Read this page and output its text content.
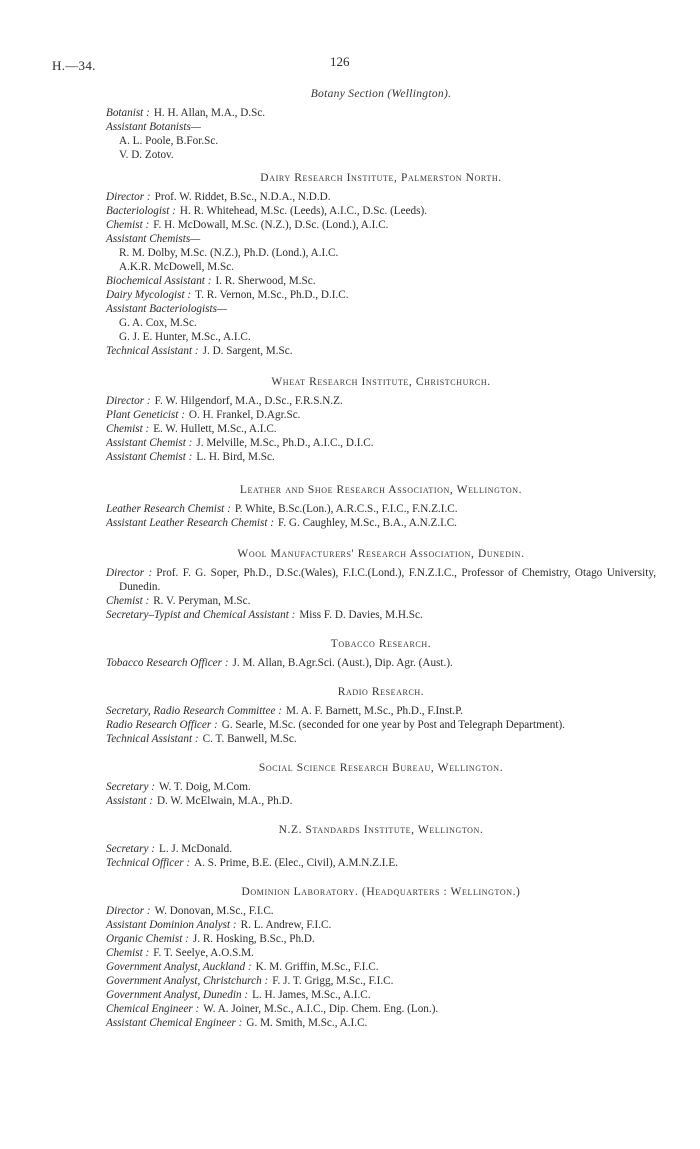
H.—34.	126
Botany Section (Wellington).
Botanist : H. H. Allan, M.A., D.Sc.
Assistant Botanists—
A. L. Poole, B.For.Sc.
V. D. Zotov.
Dairy Research Institute, Palmerston North.
Director : Prof. W. Riddet, B.Sc., N.D.A., N.D.D.
Bacteriologist : H. R. Whitehead, M.Sc. (Leeds), A.I.C., D.Sc. (Leeds).
Chemist : F. H. McDowall, M.Sc. (N.Z.), D.Sc. (Lond.), A.I.C.
Assistant Chemists—
R. M. Dolby, M.Sc. (N.Z.), Ph.D. (Lond.), A.I.C.
A.K.R. McDowell, M.Sc.
Biochemical Assistant : I. R. Sherwood, M.Sc.
Dairy Mycologist : T. R. Vernon, M.Sc., Ph.D., D.I.C.
Assistant Bacteriologists—
G. A. Cox, M.Sc.
G. J. E. Hunter, M.Sc., A.I.C.
Technical Assistant : J. D. Sargent, M.Sc.
Wheat Research Institute, Christchurch.
Director : F. W. Hilgendorf, M.A., D.Sc., F.R.S.N.Z.
Plant Geneticist : O. H. Frankel, D.Agr.Sc.
Chemist : E. W. Hullett, M.Sc., A.I.C.
Assistant Chemist : J. Melville, M.Sc., Ph.D., A.I.C., D.I.C.
Assistant Chemist : L. H. Bird, M.Sc.
Leather and Shoe Research Association, Wellington.
Leather Research Chemist : P. White, B.Sc.(Lon.), A.R.C.S., F.I.C., F.N.Z.I.C.
Assistant Leather Research Chemist : F. G. Caughley, M.Sc., B.A., A.N.Z.I.C.
Wool Manufacturers' Research Association, Dunedin.
Director : Prof. F. G. Soper, Ph.D., D.Sc.(Wales), F.I.C.(Lond.), F.N.Z.I.C., Professor of Chemistry, Otago University, Dunedin.
Chemist : R. V. Peryman, M.Sc.
Secretary–Typist and Chemical Assistant : Miss F. D. Davies, M.H.Sc.
Tobacco Research.
Tobacco Research Officer : J. M. Allan, B.Agr.Sci. (Aust.), Dip. Agr. (Aust.).
Radio Research.
Secretary, Radio Research Committee : M. A. F. Barnett, M.Sc., Ph.D., F.Inst.P.
Radio Research Officer : G. Searle, M.Sc. (seconded for one year by Post and Telegraph Department).
Technical Assistant : C. T. Banwell, M.Sc.
Social Science Research Bureau, Wellington.
Secretary : W. T. Doig, M.Com.
Assistant : D. W. McElwain, M.A., Ph.D.
N.Z. Standards Institute, Wellington.
Secretary : L. J. McDonald.
Technical Officer : A. S. Prime, B.E. (Elec., Civil), A.M.N.Z.I.E.
Dominion Laboratory. (Headquarters : Wellington.)
Director : W. Donovan, M.Sc., F.I.C.
Assistant Dominion Analyst : R. L. Andrew, F.I.C.
Organic Chemist : J. R. Hosking, B.Sc., Ph.D.
Chemist : F. T. Seelye, A.O.S.M.
Government Analyst, Auckland : K. M. Griffin, M.Sc., F.I.C.
Government Analyst, Christchurch : F. J. T. Grigg, M.Sc., F.I.C.
Government Analyst, Dunedin : L. H. James, M.Sc., A.I.C.
Chemical Engineer : W. A. Joiner, M.Sc., A.I.C., Dip. Chem. Eng. (Lon.).
Assistant Chemical Engineer : G. M. Smith, M.Sc., A.I.C.
